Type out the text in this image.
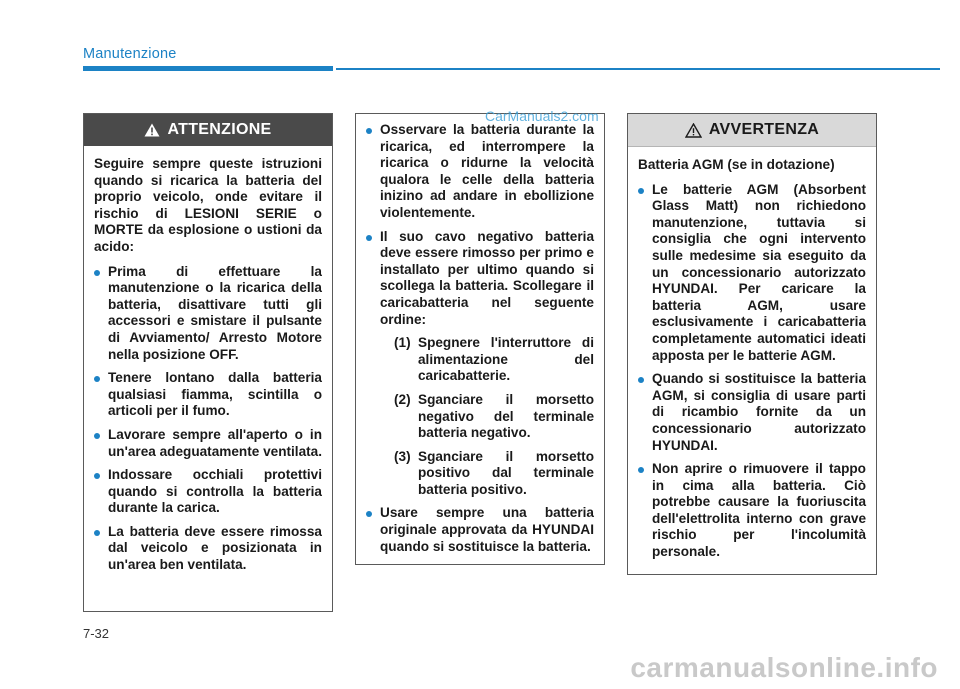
Manutenzione
ATTENZIONE
Seguire sempre queste istruzioni quando si ricarica la batteria del proprio veicolo, onde evitare il rischio di LESIONI SERIE o MORTE da esplosione o ustioni da acido:
Prima di effettuare la manutenzione o la ricarica della batteria, disattivare tutti gli accessori e smistare il pulsante di Avviamento/ Arresto Motore nella posizione OFF.
Tenere lontano dalla batteria qualsiasi fiamma, scintilla o articoli per il fumo.
Lavorare sempre all'aperto o in un'area adeguatamente ventilata.
Indossare occhiali protettivi quando si controlla la batteria durante la carica.
La batteria deve essere rimossa dal veicolo e posizionata in un'area ben ventilata.
Osservare la batteria durante la ricarica, ed interrompere la ricarica o ridurne la velocità qualora le celle della batteria inizino ad andare in ebollizione violentemente.
Il suo cavo negativo batteria deve essere rimosso per primo e installato per ultimo quando si scollega la batteria. Scollegare il caricabatteria nel seguente ordine:
(1) Spegnere l'interruttore di alimentazione del caricabatterie.
(2) Sganciare il morsetto negativo del terminale batteria negativo.
(3) Sganciare il morsetto positivo dal terminale batteria positivo.
Usare sempre una batteria originale approvata da HYUNDAI quando si sostituisce la batteria.
CarManuals2.com
AVVERTENZA
Batteria AGM (se in dotazione)
Le batterie AGM (Absorbent Glass Matt) non richiedono manutenzione, tuttavia si consiglia che ogni intervento sulle medesime sia eseguito da un concessionario autorizzato HYUNDAI. Per caricare la batteria AGM, usare esclusivamente i caricabatteria completamente automatici ideati apposta per le batterie AGM.
Quando si sostituisce la batteria AGM, si consiglia di usare parti di ricambio fornite da un concessionario autorizzato HYUNDAI.
Non aprire o rimuovere il tappo in cima alla batteria. Ciò potrebbe causare la fuoriuscita dell'elettrolita interno con grave rischio per l'incolumità personale.
7-32
carmanualsonline.info
